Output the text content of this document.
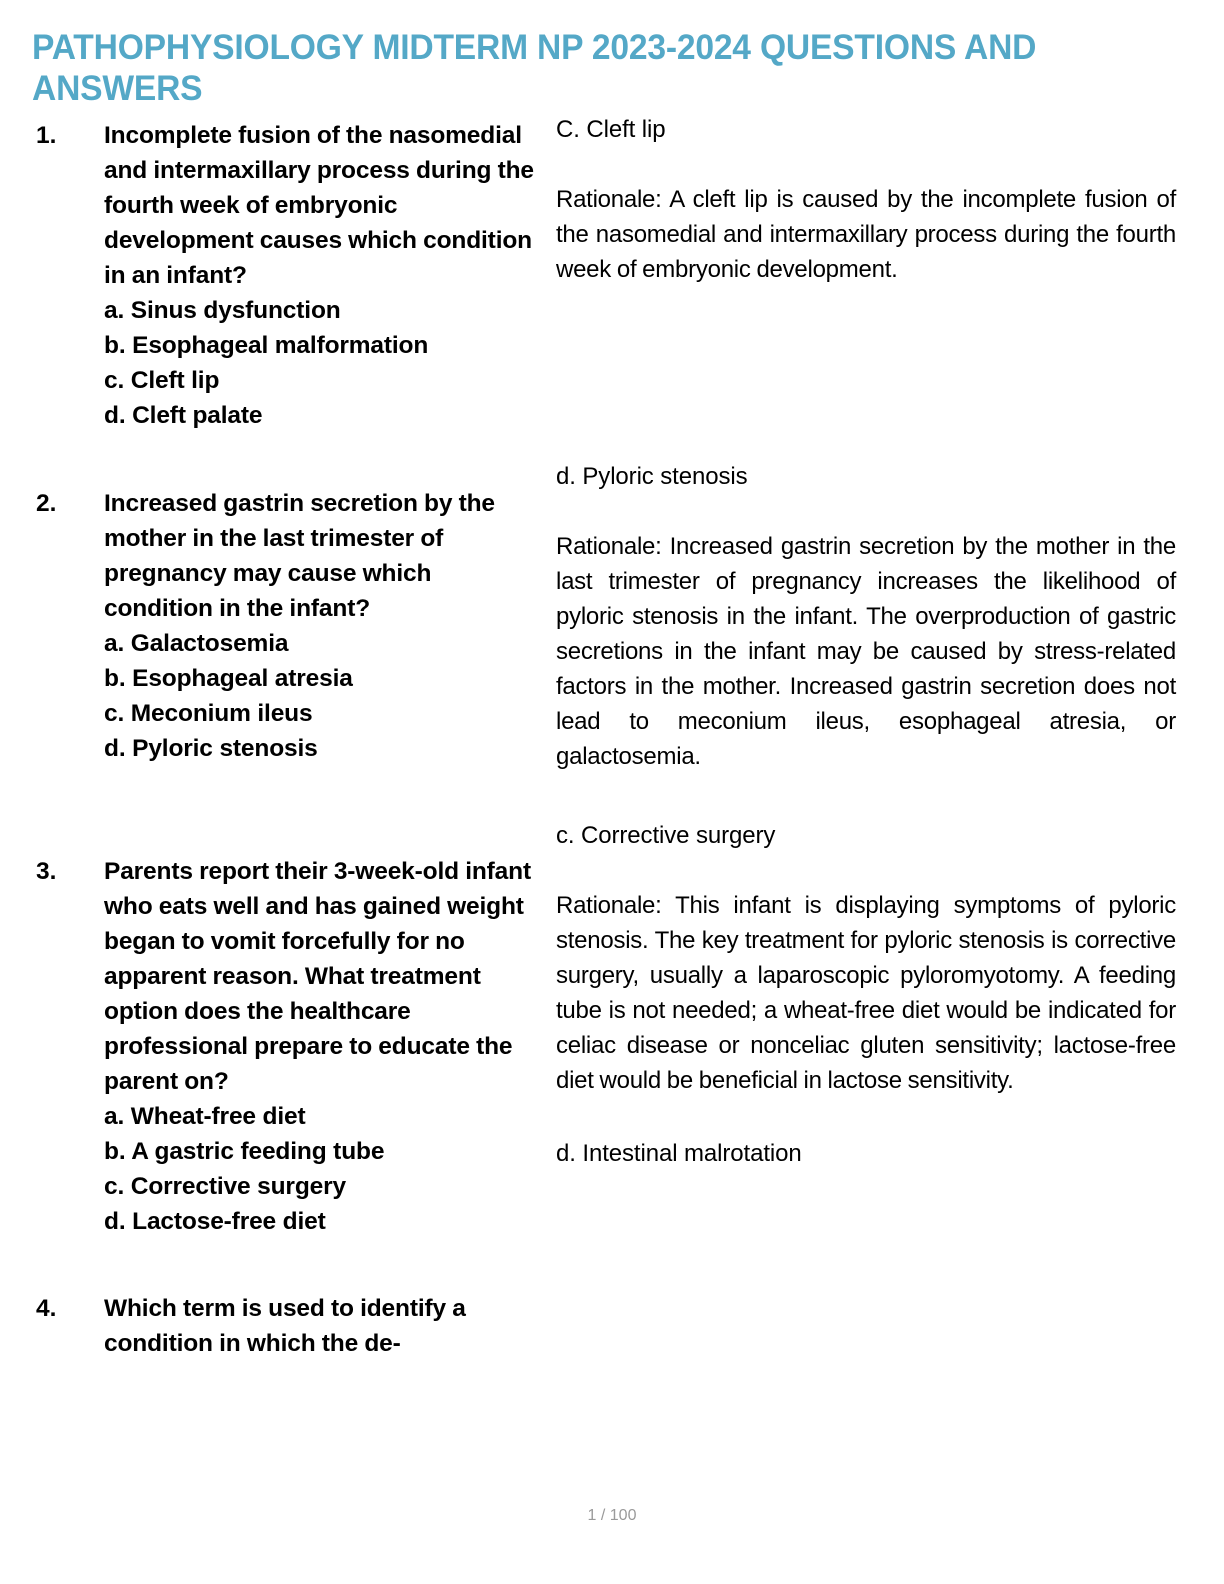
PATHOPHYSIOLOGY MIDTERM NP 2023-2024 QUESTIONS AND ANSWERS
1.	Incomplete fusion of the nasomedial and intermaxillary process during the fourth week of embryonic development causes which condition in an infant?
a. Sinus dysfunction
b. Esophageal malformation
c. Cleft lip
d. Cleft palate
2.	Increased gastrin secretion by the mother in the last trimester of pregnancy may cause which condition in the infant?
a. Galactosemia
b. Esophageal atresia
c. Meconium ileus
d. Pyloric stenosis
3.	Parents report their 3-week-old infant who eats well and has gained weight began to vomit forcefully for no apparent reason. What treatment option does the healthcare professional prepare to educate the parent on?
a. Wheat-free diet
b. A gastric feeding tube
c. Corrective surgery
d. Lactose-free diet
4.	Which term is used to identify a condition in which the de-
C. Cleft lip
Rationale: A cleft lip is caused by the incomplete fusion of the nasomedial and intermaxillary process during the fourth week of embryonic development.
d. Pyloric stenosis
Rationale: Increased gastrin secretion by the mother in the last trimester of pregnancy increases the likelihood of pyloric stenosis in the infant. The overproduction of gastric secretions in the infant may be caused by stress-related factors in the mother. Increased gastrin secretion does not lead to meconium ileus, esophageal atresia, or galactosemia.
c. Corrective surgery
Rationale: This infant is displaying symptoms of pyloric stenosis. The key treatment for pyloric stenosis is corrective surgery, usually a laparoscopic pyloromyotomy. A feeding tube is not needed; a wheat-free diet would be indicated for celiac disease or nonceliac gluten sensitivity; lactose-free diet would be beneficial in lactose sensitivity.
d. Intestinal malrotation
1 / 100
